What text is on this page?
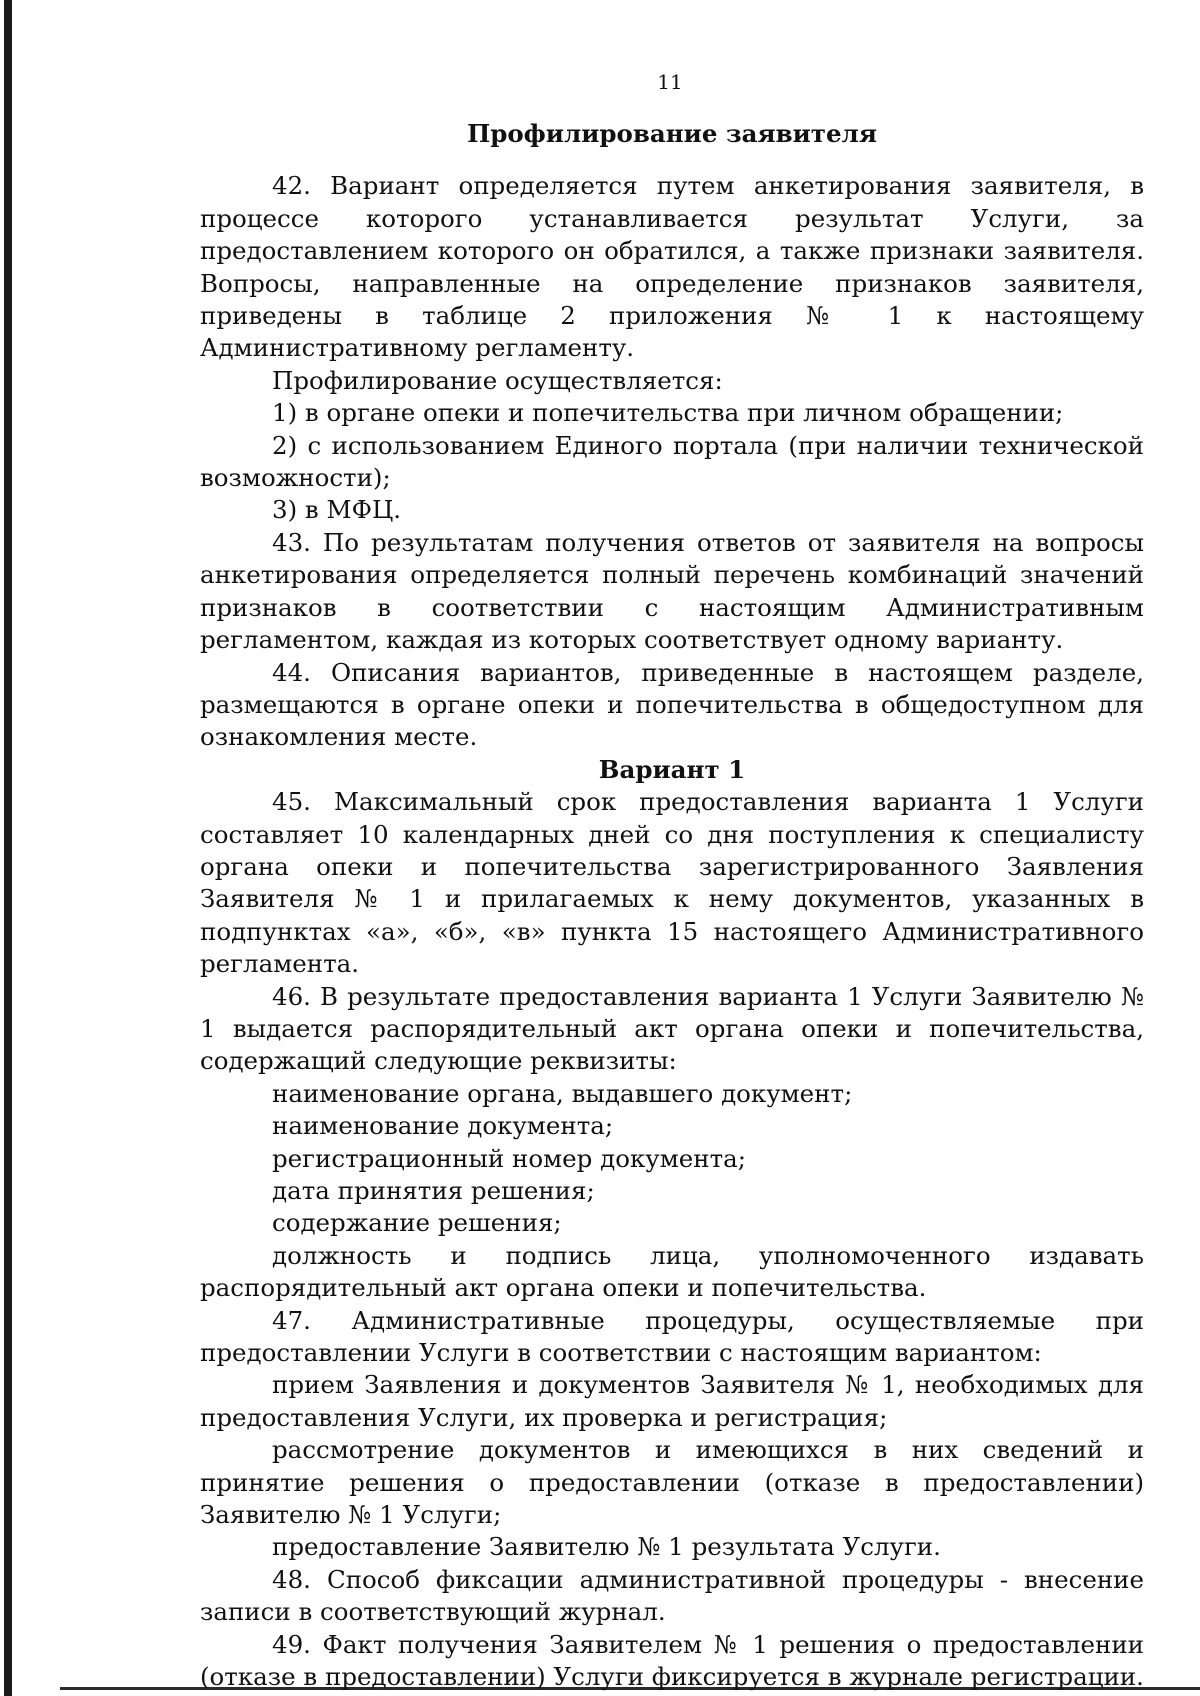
11
Профилирование заявителя

42. Вариант определяется путем анкетирования заявителя, в процессе которого устанавливается результат Услуги, за предоставлением которого он обратился, а также признаки заявителя. Вопросы, направленные на определение признаков заявителя, приведены в таблице 2 приложения № 1 к настоящему Административному регламенту.

Профилирование осуществляется:

1) в органе опеки и попечительства при личном обращении;

2) с использованием Единого портала (при наличии технической возможности);

3) в МФЦ.

43. По результатам получения ответов от заявителя на вопросы анкетирования определяется полный перечень комбинаций значений признаков в соответствии с настоящим Административным регламентом, каждая из которых соответствует одному варианту.

44. Описания вариантов, приведенные в настоящем разделе, размещаются в органе опеки и попечительства в общедоступном для ознакомления месте.

Вариант 1

45. Максимальный срок предоставления варианта 1 Услуги составляет 10 календарных дней со дня поступления к специалисту органа опеки и попечительства зарегистрированного Заявления Заявителя № 1 и прилагаемых к нему документов, указанных в подпунктах «а», «б», «в» пункта 15 настоящего Административного регламента.

46. В результате предоставления варианта 1 Услуги Заявителю № 1 выдается распорядительный акт органа опеки и попечительства, содержащий следующие реквизиты:

наименование органа, выдавшего документ;

наименование документа;

регистрационный номер документа;

дата принятия решения;

содержание решения;

должность и подпись лица, уполномоченного издавать распорядительный акт органа опеки и попечительства.

47. Административные процедуры, осуществляемые при предоставлении Услуги в соответствии с настоящим вариантом:

прием Заявления и документов Заявителя № 1, необходимых для предоставления Услуги, их проверка и регистрация;

рассмотрение документов и имеющихся в них сведений и принятие решения о предоставлении (отказе в предоставлении) Заявителю № 1 Услуги;

предоставление Заявителю № 1 результата Услуги.

48. Способ фиксации административной процедуры - внесение записи в соответствующий журнал.

49. Факт получения Заявителем № 1 решения о предоставлении (отказе в предоставлении) Услуги фиксируется в журнале регистрации.
